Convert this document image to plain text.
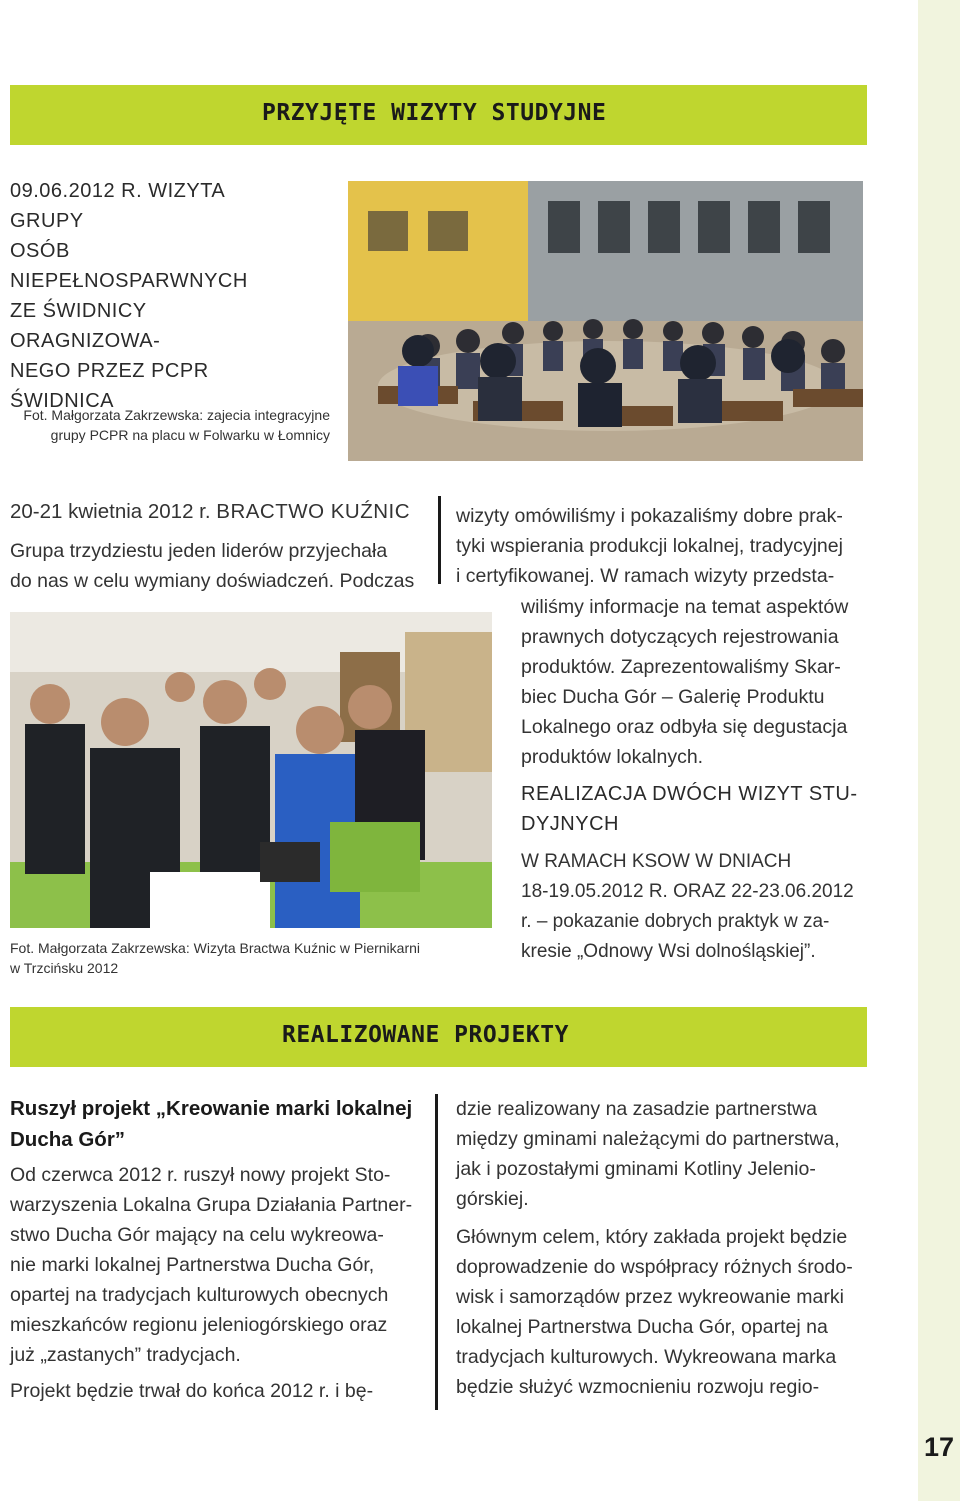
17
PRZYJĘTE WIZYTY STUDYJNE
09.06.2012 R. WIZYTA GRUPY
OSÓB NIEPEŁNOSPARWNYCH
ZE ŚWIDNICY ORAGNIZOWA-
NEGO PRZEZ PCPR ŚWIDNICA
Fot. Małgorzata Zakrzewska: zajecia integracyjne
grupy PCPR na placu w Folwarku w Łomnicy
20-21 kwietnia 2012 r. BRACTWO KUŹNIC
Grupa trzydziestu jeden liderów przyjechała
do nas w celu wymiany doświadczeń. Podczas
Fot. Małgorzata Zakrzewska: Wizyta Bractwa Kuźnic w Piernikarni
w Trzcińsku 2012
wizyty omówiliśmy i pokazaliśmy dobre prak-
tyki wspierania produkcji lokalnej, tradycyjnej
i certyfikowanej. W ramach wizyty przedsta-
wiliśmy informacje na temat aspektów
prawnych dotyczących rejestrowania
produktów. Zaprezentowaliśmy Skar-
biec Ducha Gór – Galerię Produktu
Lokalnego oraz odbyła się degustacja
produktów lokalnych.
REALIZACJA DWÓCH WIZYT STU-
DYJNYCH
W RAMACH KSOW W DNIACH
18-19.05.2012 R. ORAZ 22-23.06.2012
r. – pokazanie dobrych praktyk w za-
kresie „Odnowy Wsi dolnośląskiej”.
REALIZOWANE PROJEKTY
Ruszył projekt „Kreowanie marki lokalnej
Ducha Gór”
Od czerwca 2012 r. ruszył nowy projekt Sto-
warzyszenia Lokalna Grupa Działania Partner-
stwo Ducha Gór mający na celu wykreowa-
nie marki lokalnej Partnerstwa Ducha Gór,
opartej na tradycjach kulturowych obecnych
mieszkańców regionu jeleniogórskiego oraz
już „zastanych” tradycjach.
Projekt będzie trwał do końca 2012 r. i bę-
dzie realizowany na zasadzie partnerstwa
między gminami należącymi do partnerstwa,
jak i pozostałymi gminami Kotliny Jelenio-
górskiej.
Głównym celem, który zakłada projekt będzie
doprowadzenie do współpracy różnych środo-
wisk i samorządów przez wykreowanie marki
lokalnej Partnerstwa Ducha Gór, opartej na
tradycjach kulturowych. Wykreowana marka
będzie służyć wzmocnieniu rozwoju regio-
